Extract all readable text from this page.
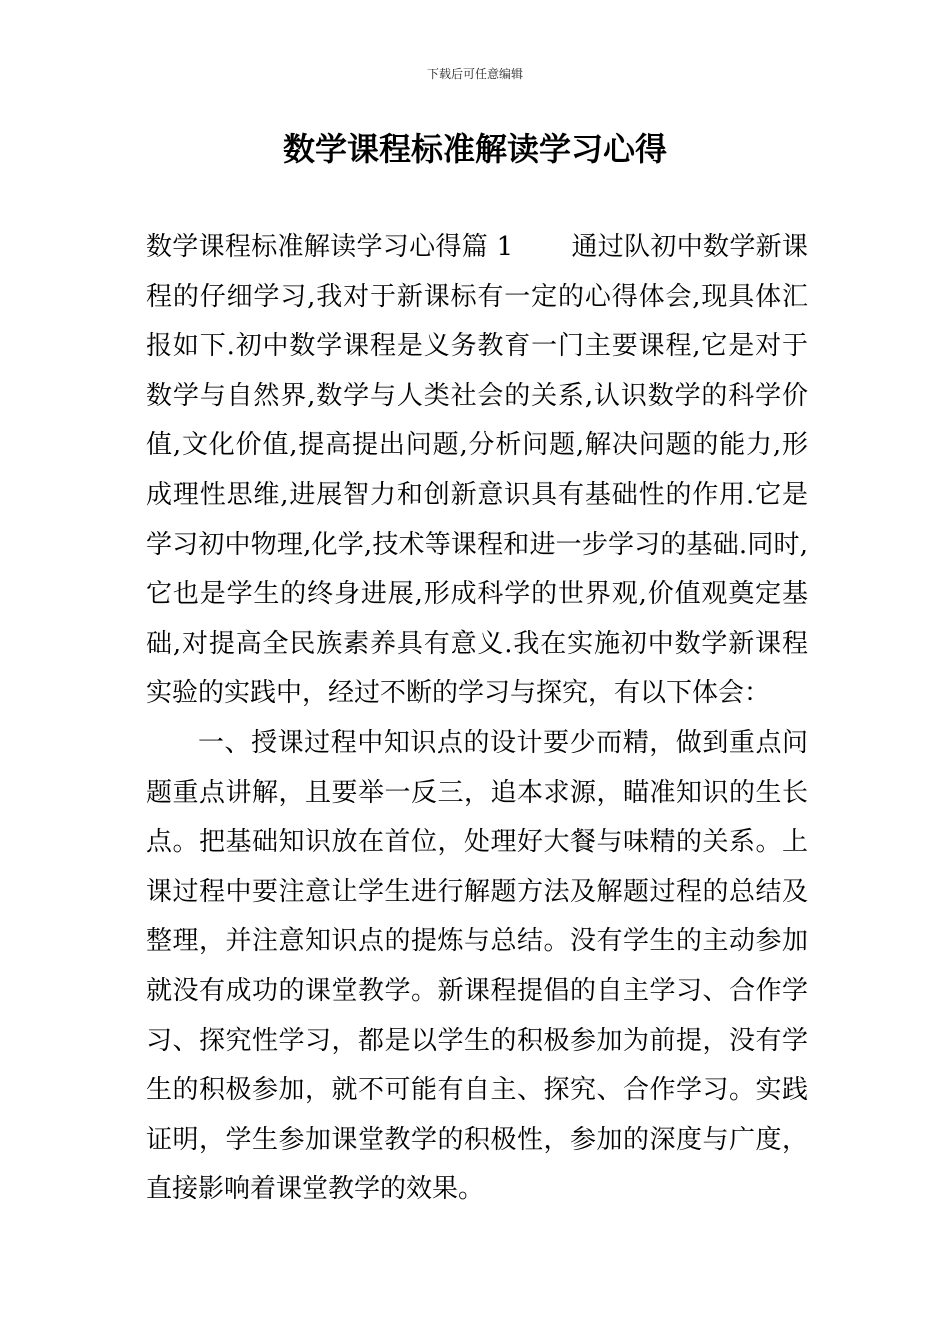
下载后可任意编辑
数学课程标准解读学习心得

数学课程标准解读学习心得篇 1 通过队初中数学新课程的仔细学习,我对于新课标有一定的心得体会,现具体汇报如下.初中数学课程是义务教育一门主要课程,它是对于数学与自然界,数学与人类社会的关系,认识数学的科学价值,文化价值,提高提出问题,分析问题,解决问题的能力,形成理性思维,进展智力和创新意识具有基础性的作用.它是学习初中物理,化学,技术等课程和进一步学习的基础.同时,它也是学生的终身进展,形成科学的世界观,价值观奠定基础,对提高全民族素养具有意义.我在实施初中数学新课程实验的实践中，经过不断的学习与探究，有以下体会：

一、授课过程中知识点的设计要少而精，做到重点问题重点讲解，且要举一反三，追本求源，瞄准知识的生长点。把基础知识放在首位，处理好大餐与味精的关系。上课过程中要注意让学生进行解题方法及解题过程的总结及整理，并注意知识点的提炼与总结。没有学生的主动参加就没有成功的课堂教学。新课程提倡的自主学习、合作学习、探究性学习，都是以学生的积极参加为前提，没有学生的积极参加，就不可能有自主、探究、合作学习。实践证明，学生参加课堂教学的积极性，参加的深度与广度，直接影响着课堂教学的效果。
